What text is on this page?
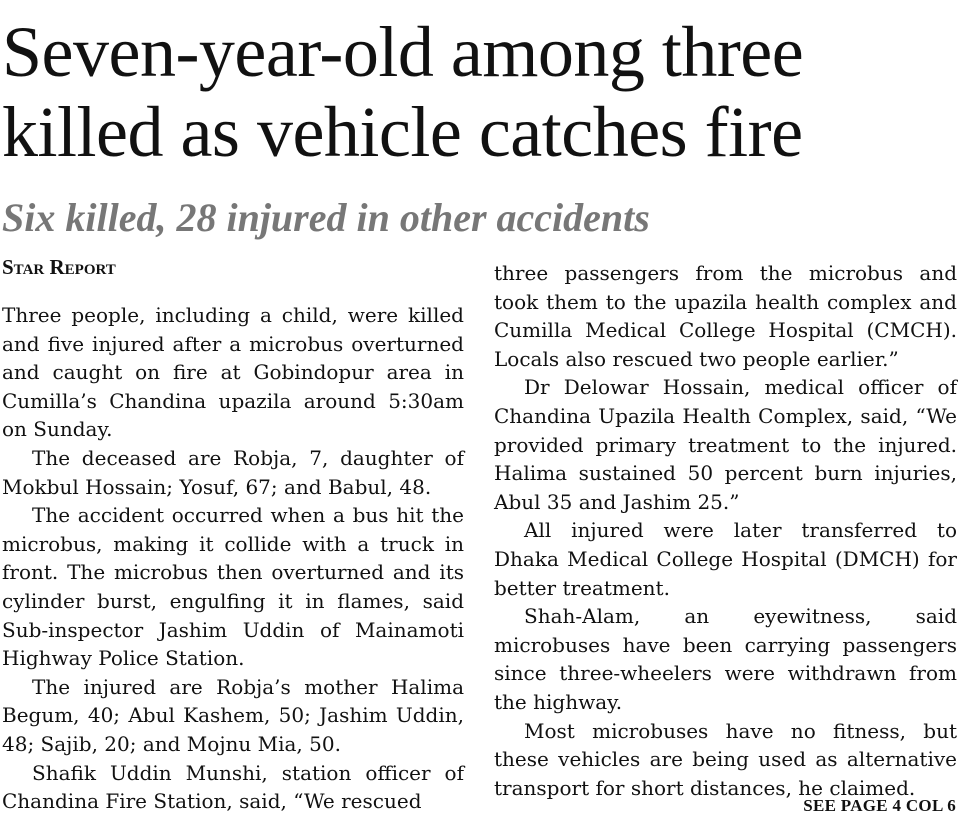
Seven-year-old among three killed as vehicle catches fire
Six killed, 28 injured in other accidents
Star Report

Three people, including a child, were killed and five injured after a microbus overturned and caught on fire at Gobindopur area in Cumilla’s Chandina upazila around 5:30am on Sunday.

The deceased are Robja, 7, daughter of Mokbul Hossain; Yosuf, 67; and Babul, 48.

The accident occurred when a bus hit the microbus, making it collide with a truck in front. The microbus then overturned and its cylinder burst, engulfing it in flames, said Sub-inspector Jashim Uddin of Mainamoti Highway Police Station.

The injured are Robja’s mother Halima Begum, 40; Abul Kashem, 50; Jashim Uddin, 48; Sajib, 20; and Mojnu Mia, 50.

Shafik Uddin Munshi, station officer of Chandina Fire Station, said, “We rescued

three passengers from the microbus and took them to the upazila health complex and Cumilla Medical College Hospital (CMCH). Locals also rescued two people earlier.”

Dr Delowar Hossain, medical officer of Chandina Upazila Health Complex, said, “We provided primary treatment to the injured. Halima sustained 50 percent burn injuries, Abul 35 and Jashim 25.”

All injured were later transferred to Dhaka Medical College Hospital (DMCH) for better treatment.

Shah-Alam, an eyewitness, said microbuses have been carrying passengers since three-wheelers were withdrawn from the highway.

Most microbuses have no fitness, but these vehicles are being used as alternative transport for short distances, he claimed.

SEE PAGE 4 COL 6
